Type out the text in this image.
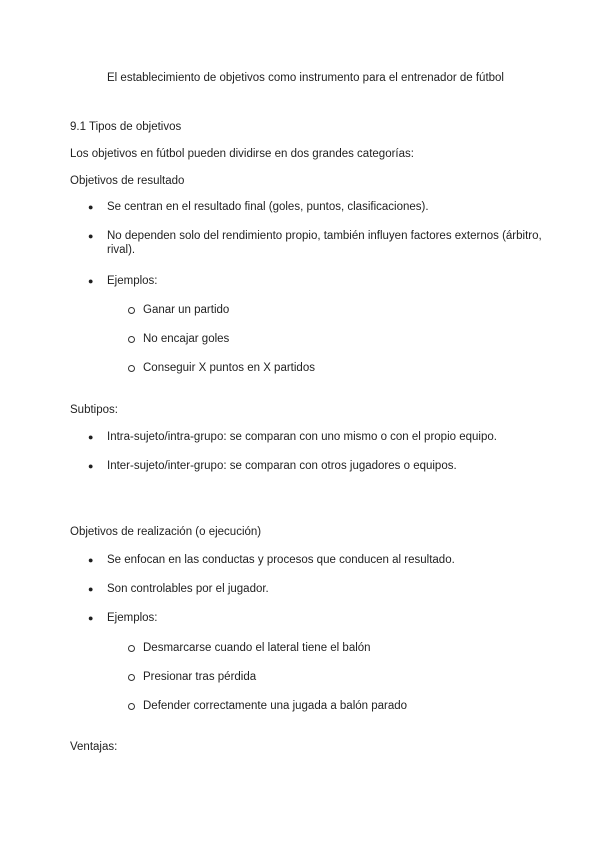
El establecimiento de objetivos como instrumento para el entrenador de fútbol
9.1 Tipos de objetivos
Los objetivos en fútbol pueden dividirse en dos grandes categorías:
Objetivos de resultado
● Se centran en el resultado final (goles, puntos, clasificaciones).
● No dependen solo del rendimiento propio, también influyen factores externos (árbitro,
rival).
● Ejemplos:
Ganar un partido
No encajar goles
Conseguir X puntos en X partidos
Subtipos:
● Intra-sujeto/intra-grupo: se comparan con uno mismo o con el propio equipo.
● Inter-sujeto/inter-grupo: se comparan con otros jugadores o equipos.
Objetivos de realización (o ejecución)
● Se enfocan en las conductas y procesos que conducen al resultado.
● Son controlables por el jugador.
● Ejemplos:
Desmarcarse cuando el lateral tiene el balón
Presionar tras pérdida
Defender correctamente una jugada a balón parado
Ventajas:
